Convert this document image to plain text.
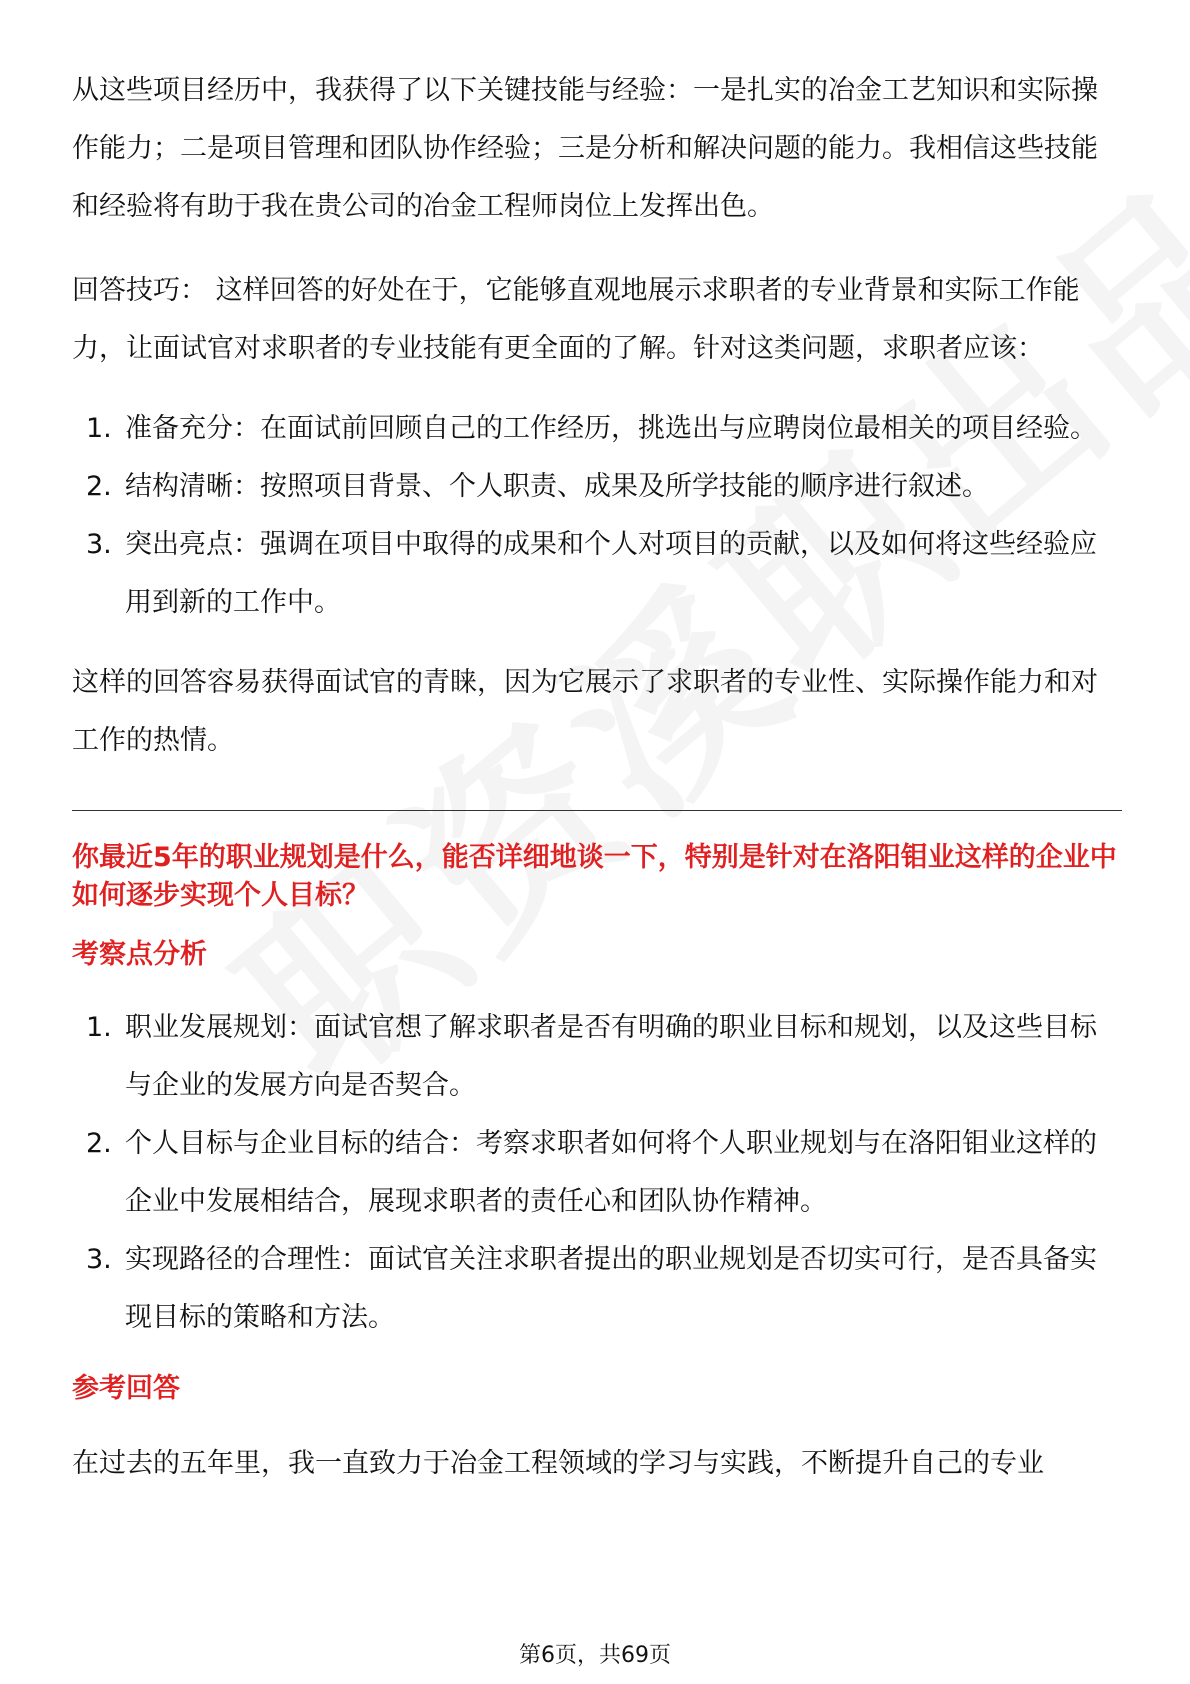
从这些项目经历中，我获得了以下关键技能与经验：一是扎实的冶金工艺知识和实际操作能力；二是项目管理和团队协作经验；三是分析和解决问题的能力。我相信这些技能和经验将有助于我在贵公司的冶金工程师岗位上发挥出色。

回答技巧： 这样回答的好处在于，它能够直观地展示求职者的专业背景和实际工作能力，让面试官对求职者的专业技能有更全面的了解。针对这类问题，求职者应该：

1. 准备充分：在面试前回顾自己的工作经历，挑选出与应聘岗位最相关的项目经验。
2. 结构清晰：按照项目背景、个人职责、成果及所学技能的顺序进行叙述。
3. 突出亮点：强调在项目中取得的成果和个人对项目的贡献，以及如何将这些经验应用到新的工作中。

这样的回答容易获得面试官的青睐，因为它展示了求职者的专业性、实际操作能力和对工作的热情。

你最近5年的职业规划是什么，能否详细地谈一下，特别是针对在洛阳钼业这样的企业中如何逐步实现个人目标？

考察点分析

1. 职业发展规划：面试官想了解求职者是否有明确的职业目标和规划，以及这些目标与企业的发展方向是否契合。
2. 个人目标与企业目标的结合：考察求职者如何将个人职业规划与在洛阳钼业这样的企业中发展相结合，展现求职者的责任心和团队协作精神。
3. 实现路径的合理性：面试官关注求职者提出的职业规划是否切实可行，是否具备实现目标的策略和方法。

参考回答

在过去的五年里，我一直致力于冶金工程领域的学习与实践，不断提升自己的专业

第6页，共69页
